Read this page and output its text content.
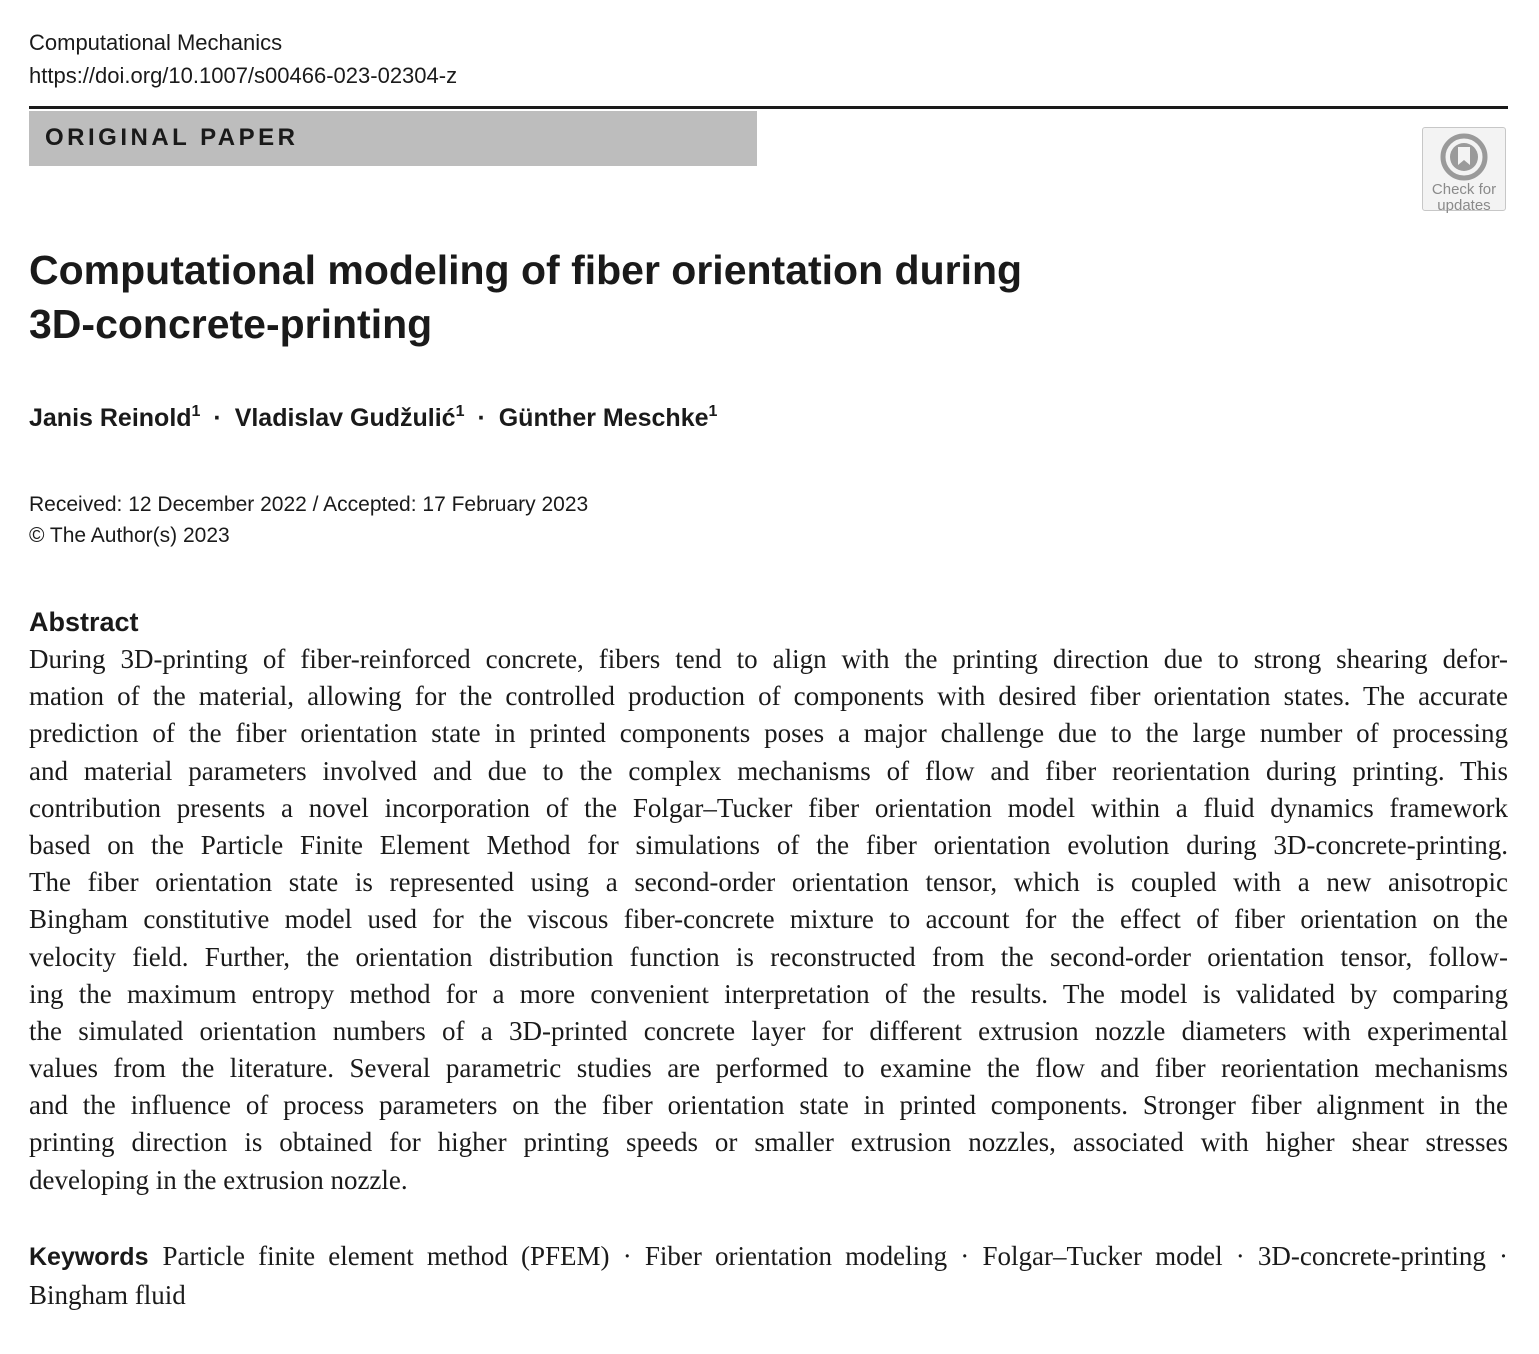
Computational Mechanics
https://doi.org/10.1007/s00466-023-02304-z
ORIGINAL PAPER
Check for
updates
Computational modeling of fiber orientation during
3D-concrete-printing
Janis Reinold$^1$ · Vladislav Gudžulić$^1$ · Günther Meschke$^1$
Received: 12 December 2022 / Accepted: 17 February 2023
© The Author(s) 2023
Abstract
During 3D-printing of fiber-reinforced concrete, fibers tend to align with the printing direction due to strong shearing defor-
mation of the material, allowing for the controlled production of components with desired fiber orientation states. The accurate
prediction of the fiber orientation state in printed components poses a major challenge due to the large number of processing
and material parameters involved and due to the complex mechanisms of flow and fiber reorientation during printing. This
contribution presents a novel incorporation of the Folgar–Tucker fiber orientation model within a fluid dynamics framework
based on the Particle Finite Element Method for simulations of the fiber orientation evolution during 3D-concrete-printing.
The fiber orientation state is represented using a second-order orientation tensor, which is coupled with a new anisotropic
Bingham constitutive model used for the viscous fiber-concrete mixture to account for the effect of fiber orientation on the
velocity field. Further, the orientation distribution function is reconstructed from the second-order orientation tensor, follow-
ing the maximum entropy method for a more convenient interpretation of the results. The model is validated by comparing
the simulated orientation numbers of a 3D-printed concrete layer for different extrusion nozzle diameters with experimental
values from the literature. Several parametric studies are performed to examine the flow and fiber reorientation mechanisms
and the influence of process parameters on the fiber orientation state in printed components. Stronger fiber alignment in the
printing direction is obtained for higher printing speeds or smaller extrusion nozzles, associated with higher shear stresses
developing in the extrusion nozzle.
Keywords Particle finite element method (PFEM) · Fiber orientation modeling · Folgar–Tucker model · 3D-concrete-printing ·
Bingham fluid
